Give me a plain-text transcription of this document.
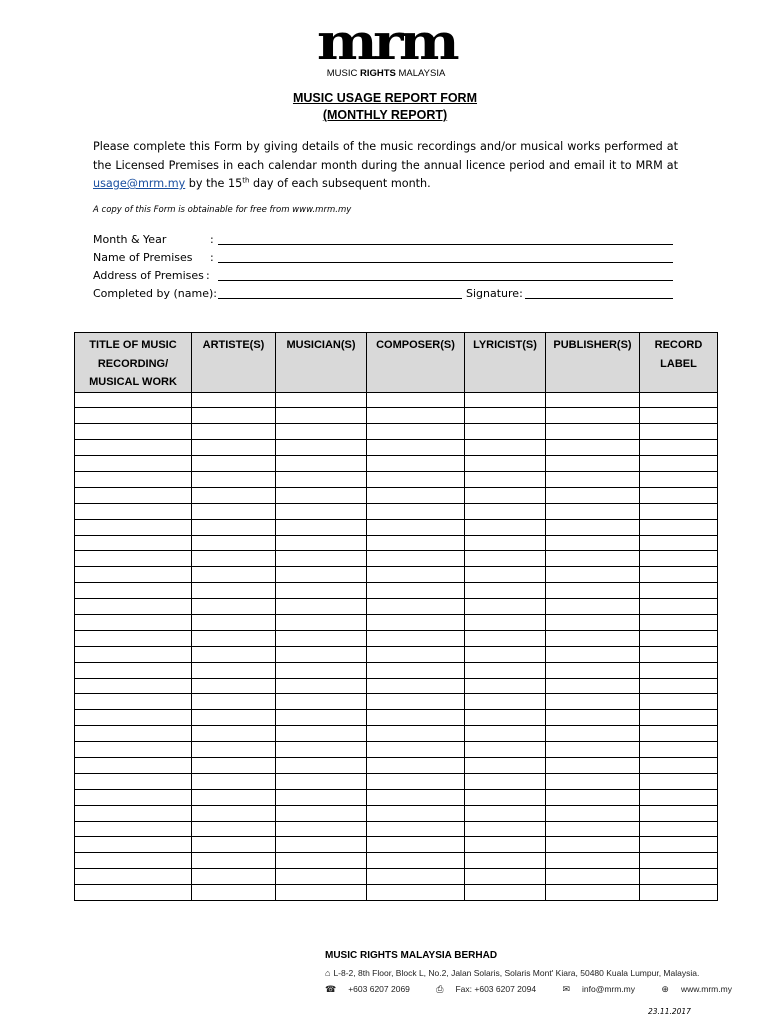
mrm
MUSIC RIGHTS MALAYSIA
MUSIC USAGE REPORT FORM
(MONTHLY REPORT)
Please complete this Form by giving details of the music recordings and/or musical works performed at the Licensed Premises in each calendar month during the annual licence period and email it to MRM at usage@mrm.my by the 15th day of each subsequent month.
A copy of this Form is obtainable for free from www.mrm.my
Month & Year	:
Name of Premises :
Address of Premises :
Completed by (name):	Signature:
TITLE OF MUSIC RECORDING/ MUSICAL WORK	ARTISTE(S)	MUSICIAN(S)	COMPOSER(S)	LYRICIST(S)	PUBLISHER(S)	RECORD LABEL

MUSIC RIGHTS MALAYSIA BERHAD
⌂ L-8-2, 8th Floor, Block L, No.2, Jalan Solaris, Solaris Mont' Kiara, 50480 Kuala Lumpur, Malaysia.
☎ +603 6207 2069	⎙ Fax: +603 6207 2094	✉ info@mrm.my	⊕ www.mrm.my
23.11.2017
